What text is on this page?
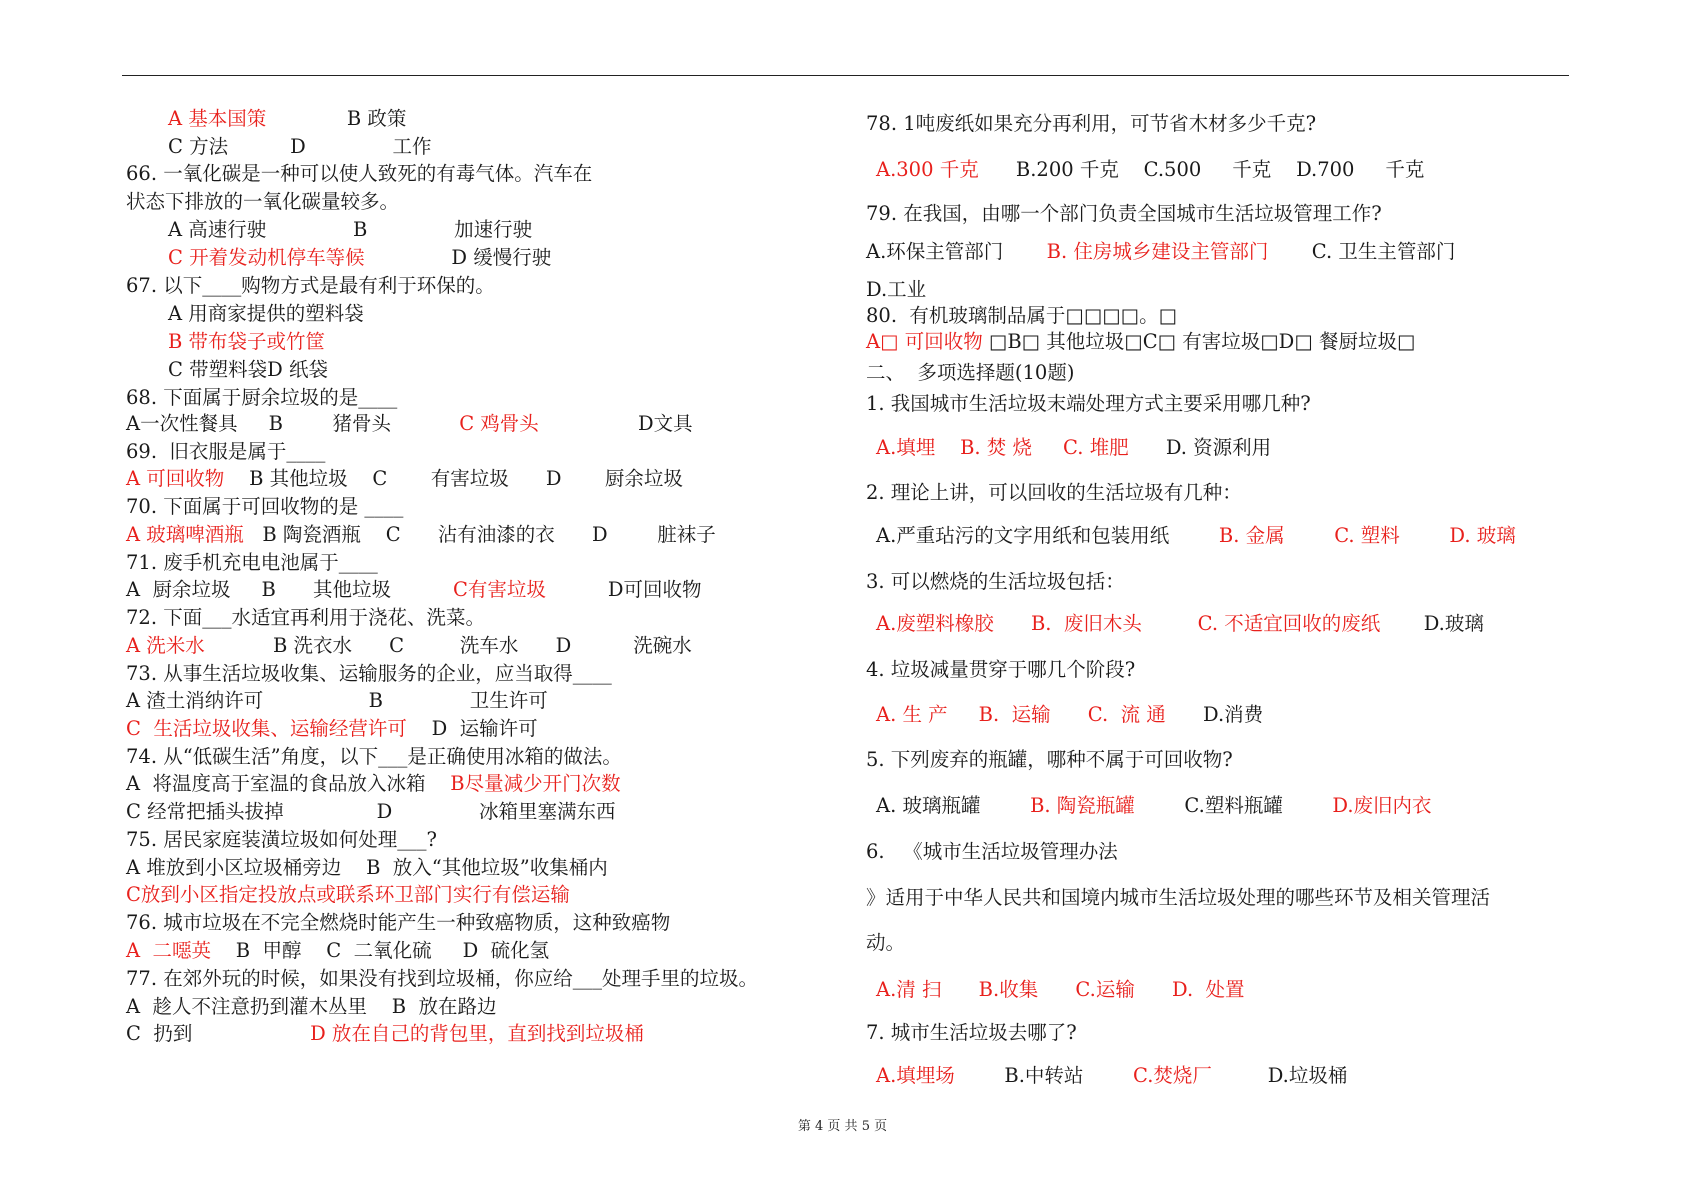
A 基本国策             B 政策
C 方法          D              工作
66. 一氧化碳是一种可以使人致死的有毒气体。汽车在
状态下排放的一氧化碳量较多。
A 高速行驶              B              加速行驶
C 开着发动机停车等候              D 缓慢行驶
67. 以下____购物方式是最有利于环保的。
A 用商家提供的塑料袋
B 带布袋子或竹筐
C 带塑料袋D 纸袋
68. 下面属于厨余垃圾的是____
A一次性餐具     B        猪骨头           C 鸡骨头                D文具
69.  旧衣服是属于____
A 可回收物    B 其他垃圾    C       有害垃圾      D       厨余垃圾
70. 下面属于可回收物的是 ____
A 玻璃啤酒瓶   B 陶瓷酒瓶    C      沾有油漆的衣      D        脏袜子
71. 废手机充电电池属于____
A  厨余垃圾     B      其他垃圾          C有害垃圾          D可回收物
72. 下面___水适宜再利用于浇花、洗菜。
A 洗米水           B 洗衣水      C         洗车水      D          洗碗水
73. 从事生活垃圾收集、运输服务的企业，应当取得____
A 渣土消纳许可                 B              卫生许可
C  生活垃圾收集、运输经营许可    D  运输许可
74. 从“低碳生活”角度，以下___是正确使用冰箱的做法。
A  将温度高于室温的食品放入冰箱    B尽量减少开门次数
C 经常把插头拔掉               D              冰箱里塞满东西
75. 居民家庭装潢垃圾如何处理___?
A 堆放到小区垃圾桶旁边    B  放入“其他垃圾”收集桶内
C放到小区指定投放点或联系环卫部门实行有偿运输
76. 城市垃圾在不完全燃烧时能产生一种致癌物质，这种致癌物
A  二噁英    B  甲醇    C  二氧化硫     D  硫化氢
77. 在郊外玩的时候，如果没有找到垃圾桶，你应给___处理手里的垃圾。
A  趁人不注意扔到灌木丛里    B  放在路边
C  扔到                   D 放在自己的背包里，直到找到垃圾桶
78. 1吨废纸如果充分再利用，可节省木材多少千克?
A.300 千克      B.200 千克    C.500     千克    D.700     千克
79. 在我国，由哪一个部门负责全国城市生活垃圾管理工作?
A.环保主管部门       B. 住房城乡建设主管部门       C. 卫生主管部门
D.工业
80.  有机玻璃制品属于□□□□。□
A□ 可回收物 □B□ 其他垃圾□C□ 有害垃圾□D□ 餐厨垃圾□
二、  多项选择题(10题)
1. 我国城市生活垃圾末端处理方式主要采用哪几种?
A.填埋    B. 焚 烧     C. 堆肥      D. 资源利用
2. 理论上讲，可以回收的生活垃圾有几种：
A.严重玷污的文字用纸和包装用纸        B. 金属        C. 塑料        D. 玻璃
3. 可以燃烧的生活垃圾包括：
A.废塑料橡胶      B.  废旧木头         C. 不适宜回收的废纸       D.玻璃
4. 垃圾减量贯穿于哪几个阶段?
A. 生 产     B.  运输      C.  流 通      D.消费
5. 下列废弃的瓶罐，哪种不属于可回收物?
A. 玻璃瓶罐        B. 陶瓷瓶罐        C.塑料瓶罐        D.废旧内衣
6.   《城市生活垃圾管理办法
》适用于中华人民共和国境内城市生活垃圾处理的哪些环节及相关管理活
动。
A.清 扫      B.收集      C.运输      D.  处置
7. 城市生活垃圾去哪了?
A.填埋场        B.中转站        C.焚烧厂         D.垃圾桶
第 4 页 共 5 页
